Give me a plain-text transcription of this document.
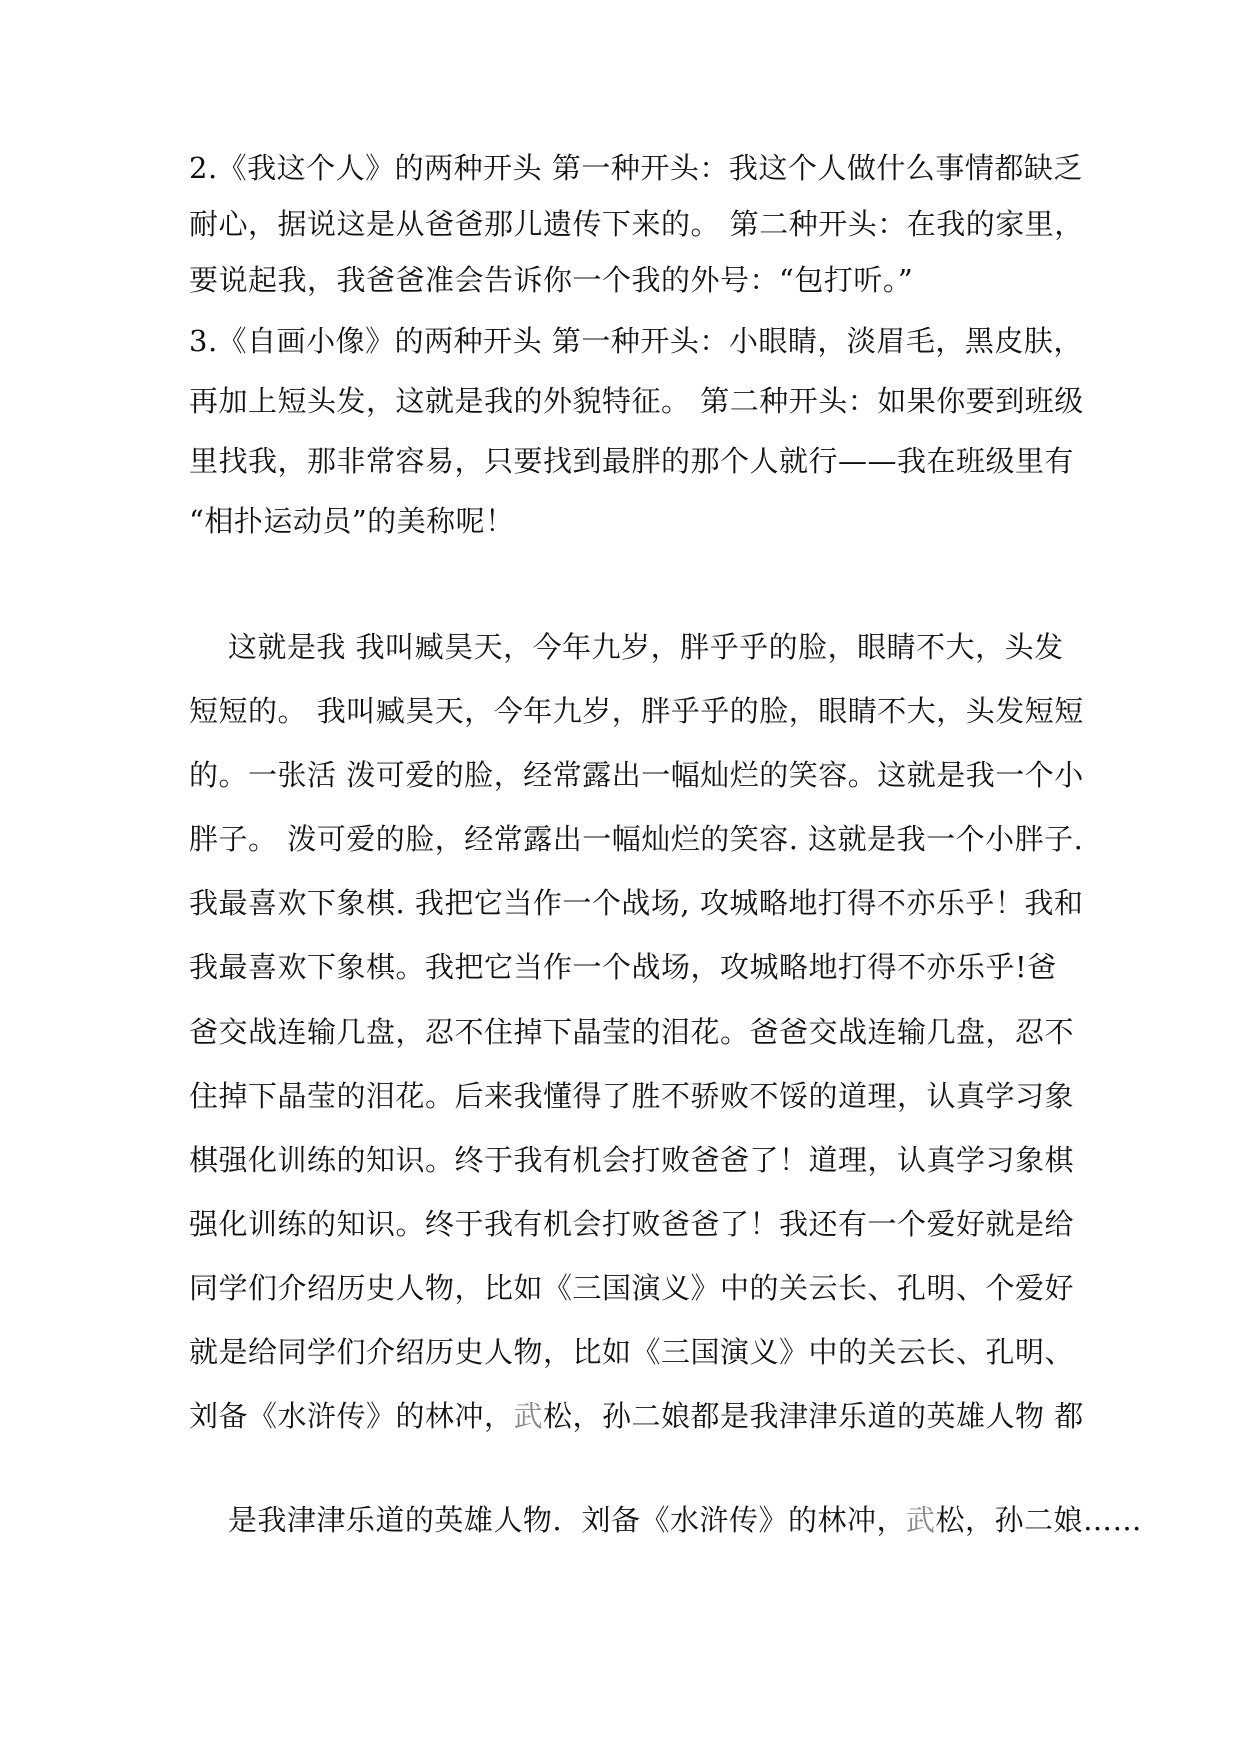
2.《我这个人》的两种开头 第一种开头：我这个人做什么事情都缺乏
耐心，据说这是从爸爸那儿遗传下来的。 第二种开头：在我的家里，
要说起我，我爸爸准会告诉你一个我的外号：“包打听。”
3.《自画小像》的两种开头 第一种开头：小眼睛，淡眉毛，黑皮肤，
再加上短头发，这就是我的外貌特征。 第二种开头：如果你要到班级
里找我，那非常容易，只要找到最胖的那个人就行——我在班级里有
“相扑运动员”的美称呢！
这就是我 我叫臧昊天，今年九岁，胖乎乎的脸，眼睛不大，头发
短短的。 我叫臧昊天，今年九岁，胖乎乎的脸，眼睛不大，头发短短
的。一张活 泼可爱的脸，经常露出一幅灿烂的笑容。这就是我一个小
胖子。 泼可爱的脸，经常露出一幅灿烂的笑容. 这就是我一个小胖子.
我最喜欢下象棋. 我把它当作一个战场, 攻城略地打得不亦乐乎！我和
我最喜欢下象棋。我把它当作一个战场，攻城略地打得不亦乐乎!爸
爸交战连输几盘，忍不住掉下晶莹的泪花。爸爸交战连输几盘，忍不
住掉下晶莹的泪花。后来我懂得了胜不骄败不馁的道理，认真学习象
棋强化训练的知识。终于我有机会打败爸爸了！道理，认真学习象棋
强化训练的知识。终于我有机会打败爸爸了！我还有一个爱好就是给
同学们介绍历史人物，比如《三国演义》中的关云长、孔明、个爱好
就是给同学们介绍历史人物，比如《三国演义》中的关云长、孔明、
刘备《水浒传》的林冲，武松，孙二娘都是我津津乐道的英雄人物 都

是我津津乐道的英雄人物.  刘备《水浒传》的林冲，武松，孙二娘……
